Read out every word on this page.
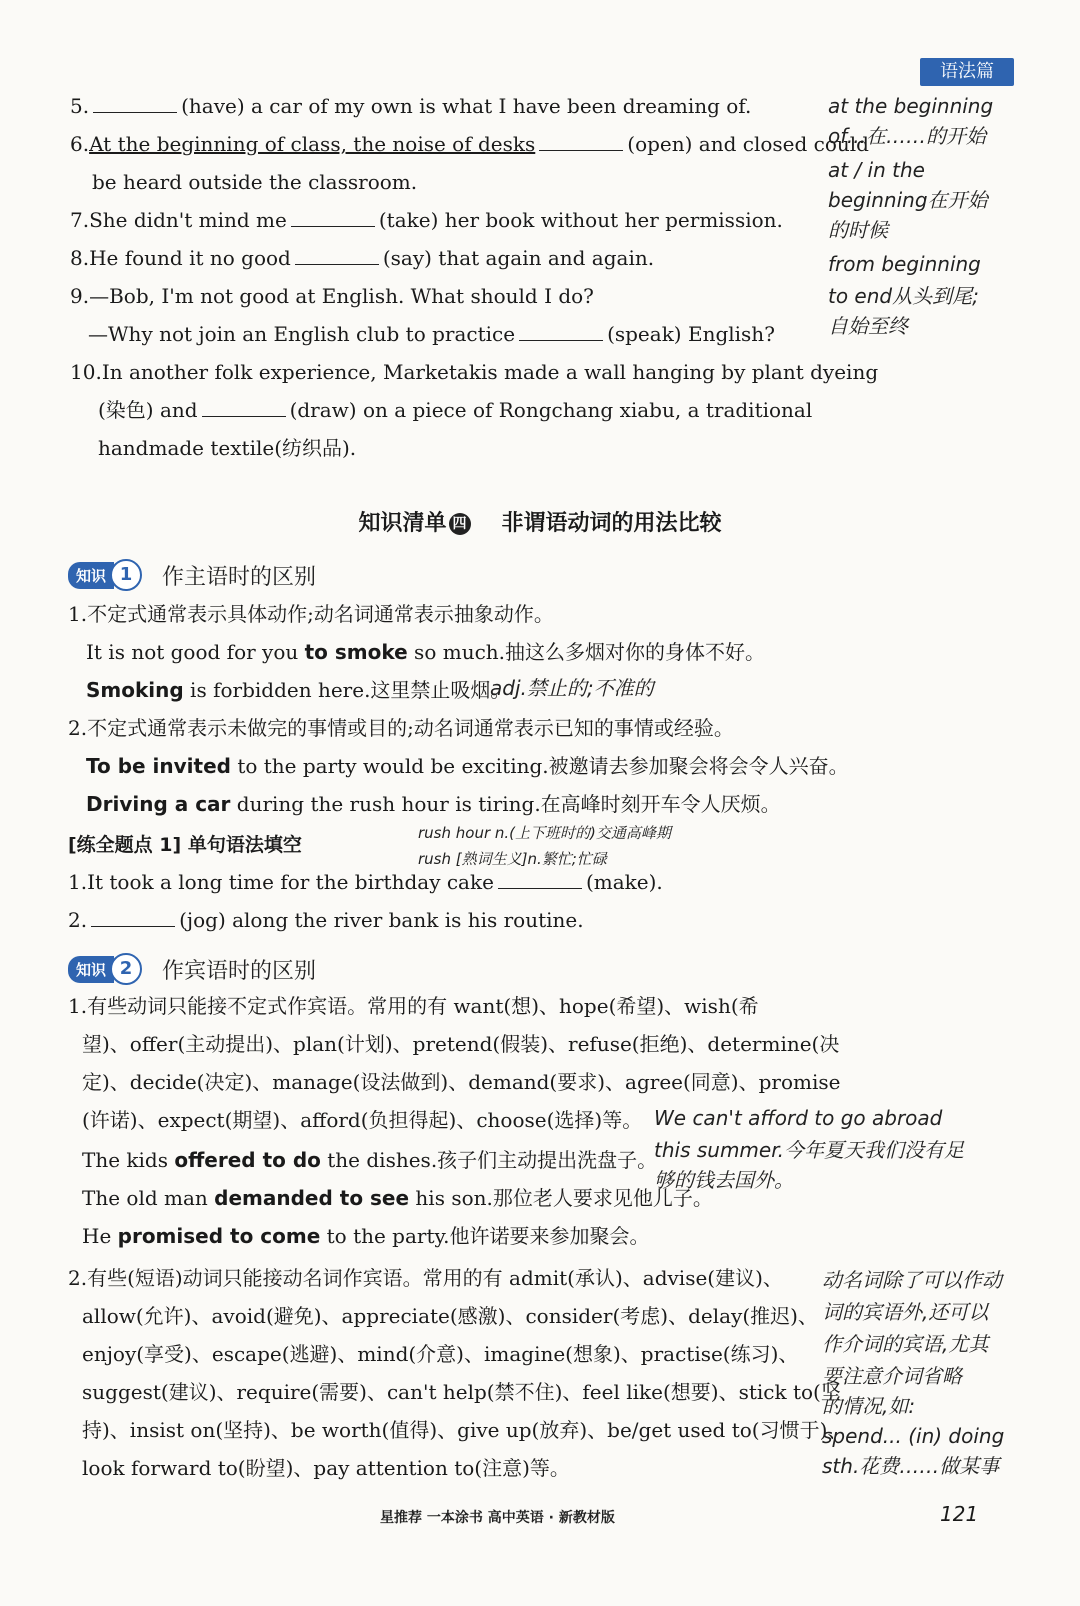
语法篇
5.	(have) a car of my own is what I have been dreaming of.
6.At the beginning of class, the noise of desks	(open) and closed could
be heard outside the classroom.
7.She didn't mind me	(take) her book without her permission.
8.He found it no good	(say) that again and again.
9.—Bob, I'm not good at English. What should I do?
—Why not join an English club to practice	(speak) English?
10.In another folk experience, Marketakis made a wall hanging by plant dyeing
(染色) and	(draw) on a piece of Rongchang xiabu, a traditional
handmade textile(纺织品).
at the beginning
of...在……的开始
at / in the
beginning在开始
的时候
from beginning
to end从头到尾;
自始至终
知识清单 四 非谓语动词的用法比较
知识 1	作主语时的区别
1.不定式通常表示具体动作;动名词通常表示抽象动作。
It is not good for you to smoke so much.抽这么多烟对你的身体不好。
Smoking is forbidden here.这里禁止吸烟。
adj.禁止的;不准的
2.不定式通常表示未做完的事情或目的;动名词通常表示已知的事情或经验。
To be invited to the party would be exciting.被邀请去参加聚会将会令人兴奋。
Driving a car during the rush hour is tiring.在高峰时刻开车令人厌烦。
[练全题点 1] 单句语法填空
rush hour n.(上下班时的)交通高峰期
rush [熟词生义]n.繁忙;忙碌
1.It took a long time for the birthday cake	(make).
2.	(jog) along the river bank is his routine.
知识 2	作宾语时的区别
1.有些动词只能接不定式作宾语。常用的有 want(想)、hope(希望)、wish(希
望)、offer(主动提出)、plan(计划)、pretend(假装)、refuse(拒绝)、determine(决
定)、decide(决定)、manage(设法做到)、demand(要求)、agree(同意)、promise
(许诺)、expect(期望)、afford(负担得起)、choose(选择)等。
The kids offered to do the dishes.孩子们主动提出洗盘子。
The old man demanded to see his son.那位老人要求见他儿子。
He promised to come to the party.他许诺要来参加聚会。
We can't afford to go abroad
this summer.今年夏天我们没有足
够的钱去国外。
2.有些(短语)动词只能接动名词作宾语。常用的有 admit(承认)、advise(建议)、
allow(允许)、avoid(避免)、appreciate(感激)、consider(考虑)、delay(推迟)、
enjoy(享受)、escape(逃避)、mind(介意)、imagine(想象)、practise(练习)、
suggest(建议)、require(需要)、can't help(禁不住)、feel like(想要)、stick to(坚
持)、insist on(坚持)、be worth(值得)、give up(放弃)、be/get used to(习惯于)、
look forward to(盼望)、pay attention to(注意)等。
动名词除了可以作动
词的宾语外,还可以
作介词的宾语,尤其
要注意介词省略
的情况,如:
spend... (in) doing
sth.花费……做某事
星推荐 一本涂书 高中英语 · 新教材版	121
